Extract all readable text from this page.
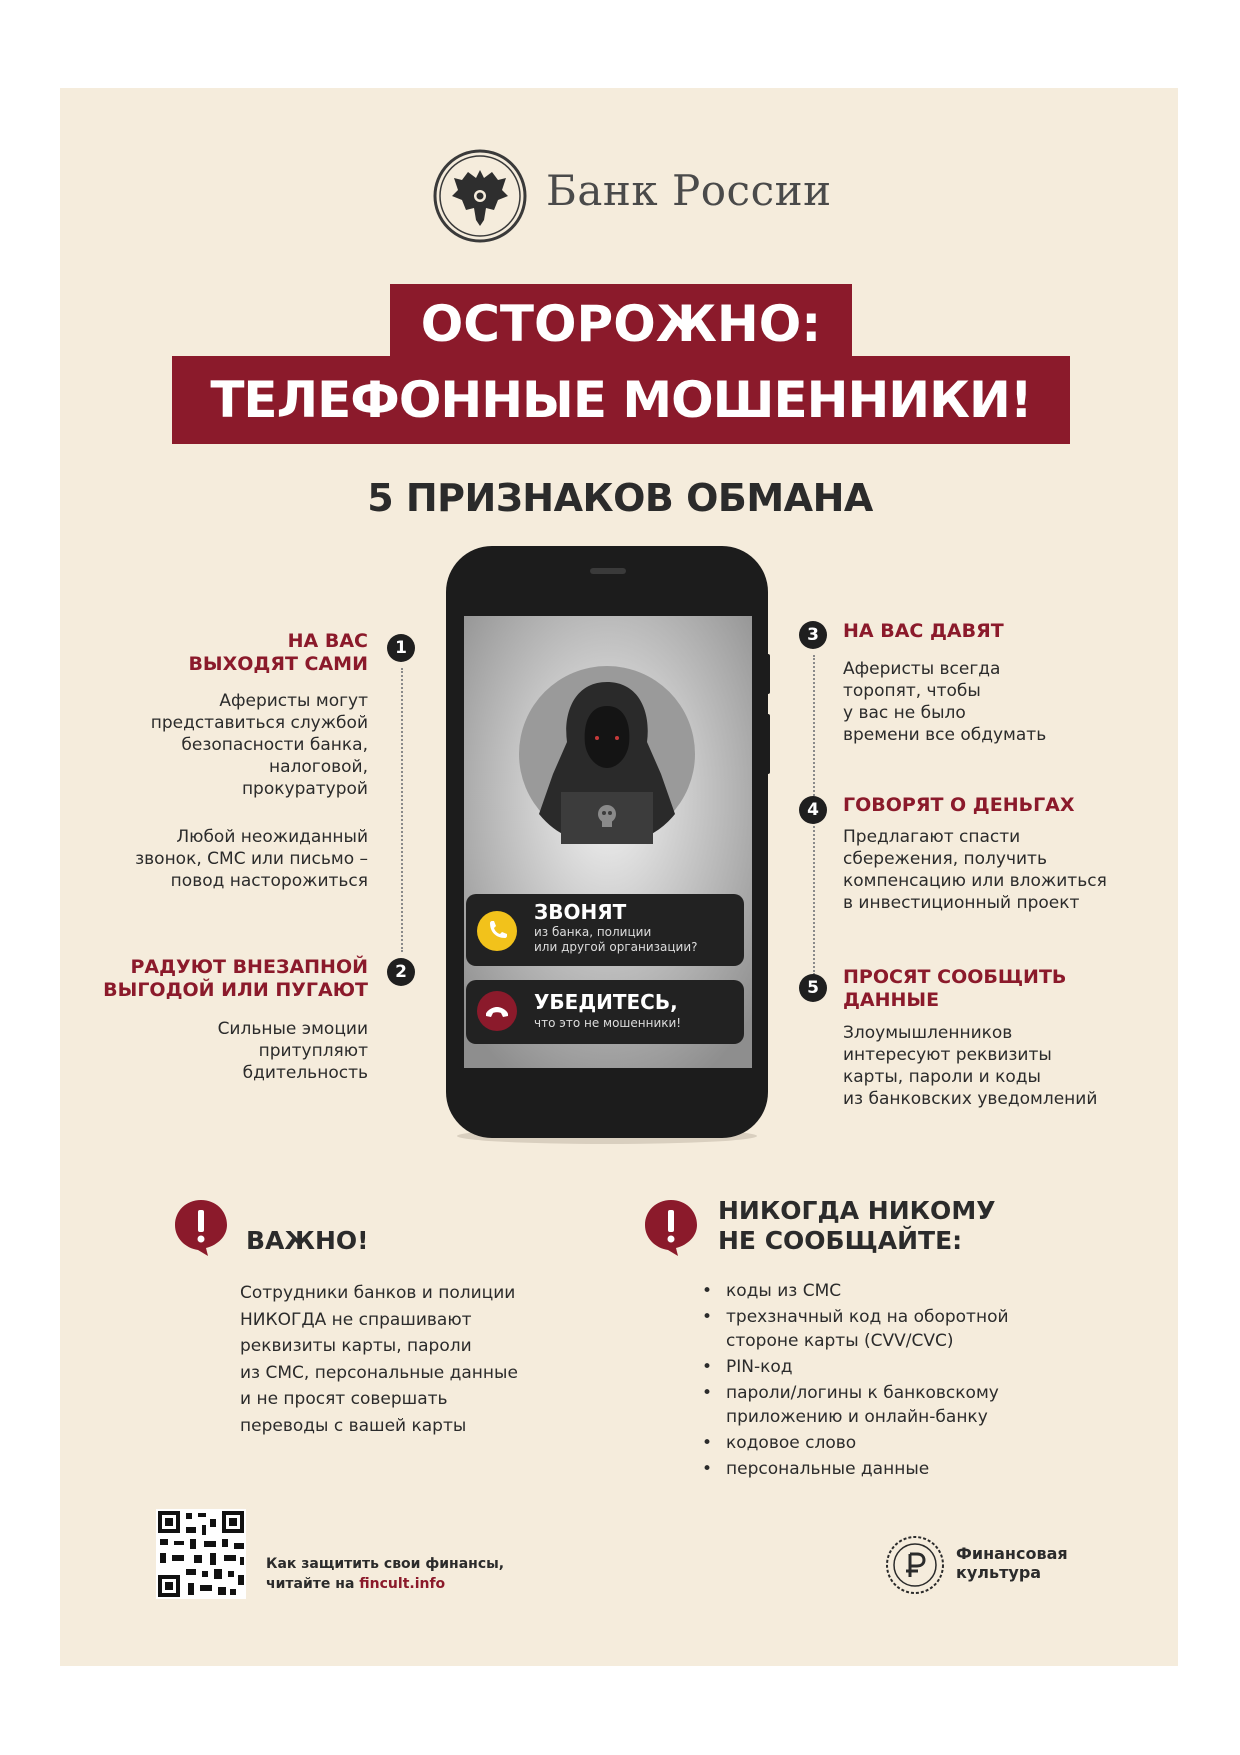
Банк России
ОСТОРОЖНО:
ТЕЛЕФОННЫЕ МОШЕННИКИ!
5 ПРИЗНАКОВ ОБМАНА
ЗВОНЯТ
из банка, полиции
или другой организации?
УБЕДИТЕСЬ,
что это не мошенники!
1
НА ВАС
ВЫХОДЯТ САМИ
Аферисты могут
представиться службой
безопасности банка,
налоговой,
прокуратурой
Любой неожиданный
звонок, СМС или письмо –
повод насторожиться
2
РАДУЮТ ВНЕЗАПНОЙ
ВЫГОДОЙ ИЛИ ПУГАЮТ
Сильные эмоции
притупляют
бдительность
3	НА ВАС ДАВЯТ
Аферисты всегда
торопят, чтобы
у вас не было
времени все обдумать
4	ГОВОРЯТ О ДЕНЬГАХ
Предлагают спасти
сбережения, получить
компенсацию или вложиться
в инвестиционный проект
5	ПРОСЯТ СООБЩИТЬ
ДАННЫЕ
Злоумышленников
интересуют реквизиты
карты, пароли и коды
из банковских уведомлений
ВАЖНО!
Сотрудники банков и полиции
НИКОГДА не спрашивают
реквизиты карты, пароли
из СМС, персональные данные
и не просят совершать
переводы с вашей карты
НИКОГДА НИКОМУ
НЕ СООБЩАЙТЕ:
• коды из СМС
• трехзначный код на оборотной
стороне карты (CVV/CVC)
• PIN-код
• пароли/логины к банковскому
приложению и онлайн-банку
• кодовое слово
• персональные данные
Как защитить свои финансы,
читайте на fincult.info
Финансовая
культура
